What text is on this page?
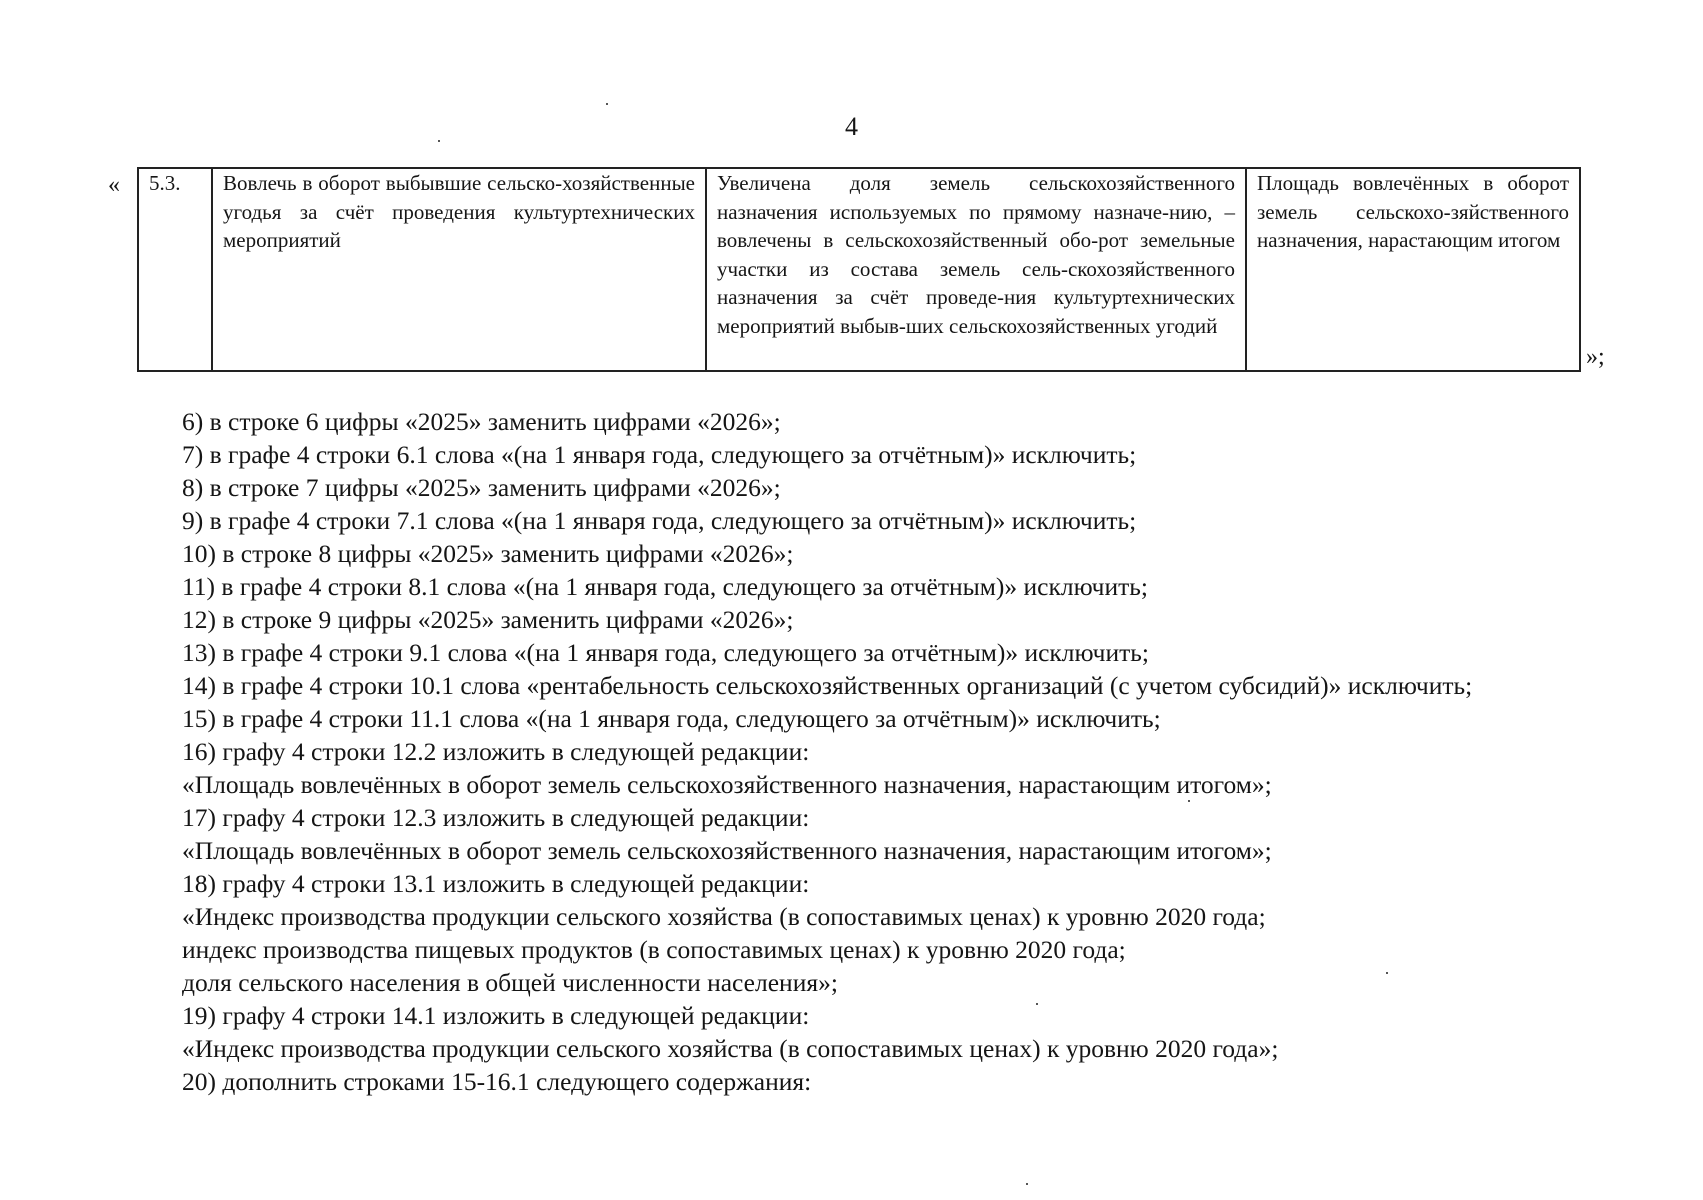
4
« 5.3.	Вовлечь в оборот выбывшие сельско-хозяйственные угодья за счёт проведения культуртехнических мероприятий	Увеличена доля земель сельскохозяйственного назначения используемых по прямому назначе-нию, – вовлечены в сельскохозяйственный обо-рот земельные участки из состава земель сель-скохозяйственного назначения за счёт проведе-ния культуртехнических мероприятий выбыв-ших сельскохозяйственных угодий	Площадь вовлечённых в оборот земель сельскохо-зяйственного назначения, нарастающим итогом
»;

6) в строке 6 цифры «2025» заменить цифрами «2026»;

7) в графе 4 строки 6.1 слова «(на 1 января года, следующего за отчётным)» исключить;

8) в строке 7 цифры «2025» заменить цифрами «2026»;

9) в графе 4 строки 7.1 слова «(на 1 января года, следующего за отчётным)» исключить;

10) в строке 8 цифры «2025» заменить цифрами «2026»;

11) в графе 4 строки 8.1 слова «(на 1 января года, следующего за отчётным)» исключить;

12) в строке 9 цифры «2025» заменить цифрами «2026»;

13) в графе 4 строки 9.1 слова «(на 1 января года, следующего за отчётным)» исключить;

14) в графе 4 строки 10.1 слова «рентабельность сельскохозяйственных организаций (с учетом субсидий)» исключить;

15) в графе 4 строки 11.1 слова «(на 1 января года, следующего за отчётным)» исключить;

16) графу 4 строки 12.2 изложить в следующей редакции:

«Площадь вовлечённых в оборот земель сельскохозяйственного назначения, нарастающим итогом»;

17) графу 4 строки 12.3 изложить в следующей редакции:

«Площадь вовлечённых в оборот земель сельскохозяйственного назначения, нарастающим итогом»;

18) графу 4 строки 13.1 изложить в следующей редакции:

«Индекс производства продукции сельского хозяйства (в сопоставимых ценах) к уровню 2020 года;

индекс производства пищевых продуктов (в сопоставимых ценах) к уровню 2020 года;

доля сельского населения в общей численности населения»;

19) графу 4 строки 14.1 изложить в следующей редакции:

«Индекс производства продукции сельского хозяйства (в сопоставимых ценах) к уровню 2020 года»;

20) дополнить строками 15-16.1 следующего содержания:
